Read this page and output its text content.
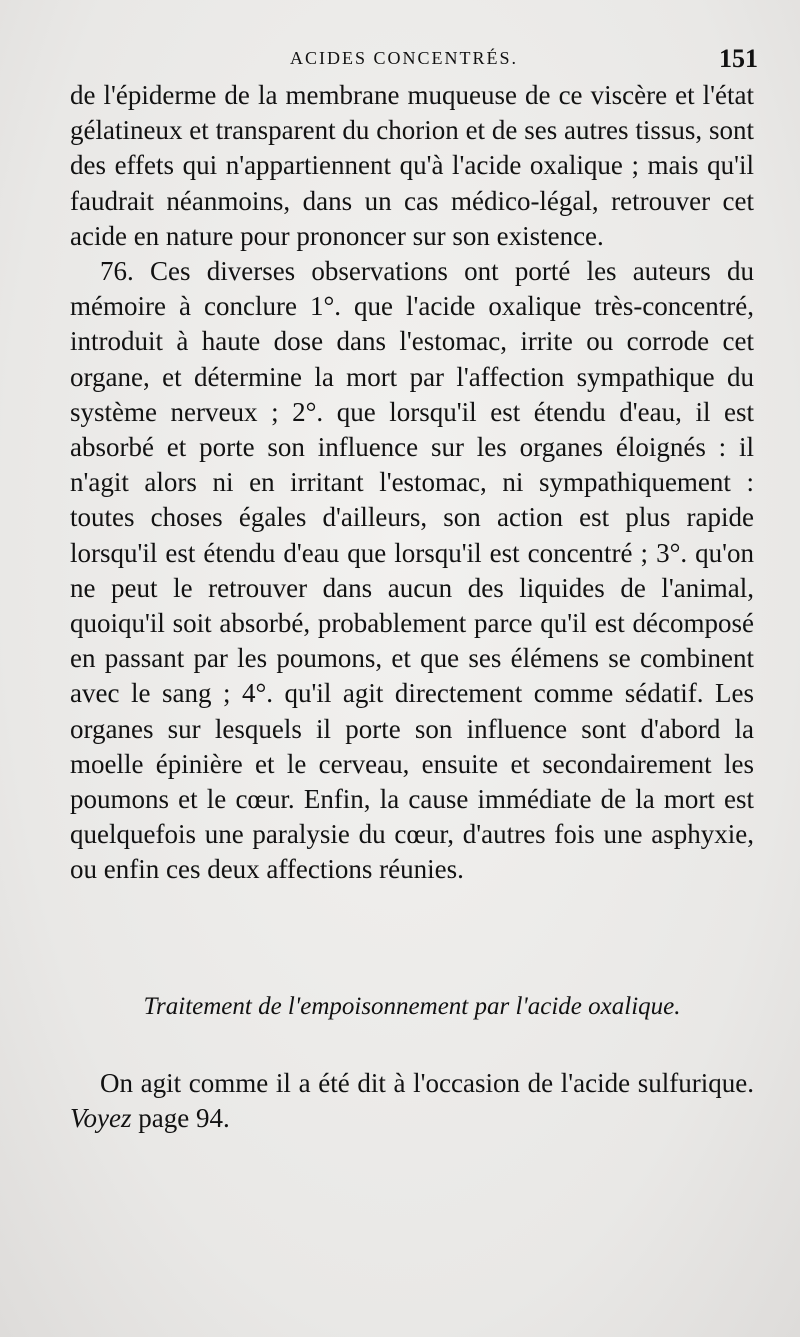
ACIDES CONCENTRÉS.	151

de l'épiderme de la membrane muqueuse de ce viscère et l'état gélatineux et transparent du chorion et de ses autres tissus, sont des effets qui n'appartiennent qu'à l'acide oxalique ; mais qu'il faudrait néanmoins, dans un cas médico-légal, retrouver cet acide en nature pour prononcer sur son existence.

76. Ces diverses observations ont porté les auteurs du mémoire à conclure 1°. que l'acide oxalique très-concentré, introduit à haute dose dans l'estomac, irrite ou corrode cet organe, et détermine la mort par l'affection sympathique du système nerveux ; 2°. que lorsqu'il est étendu d'eau, il est absorbé et porte son influence sur les organes éloignés : il n'agit alors ni en irritant l'estomac, ni sympathiquement : toutes choses égales d'ailleurs, son action est plus rapide lorsqu'il est étendu d'eau que lorsqu'il est concentré ; 3°. qu'on ne peut le retrouver dans aucun des liquides de l'animal, quoiqu'il soit absorbé, probablement parce qu'il est décomposé en passant par les poumons, et que ses élémens se combinent avec le sang ; 4°. qu'il agit directement comme sédatif. Les organes sur lesquels il porte son influence sont d'abord la moelle épinière et le cerveau, ensuite et secondairement les poumons et le cœur. Enfin, la cause immédiate de la mort est quelquefois une paralysie du cœur, d'autres fois une asphyxie, ou enfin ces deux affections réunies.

Traitement de l'empoisonnement par l'acide oxalique.

On agit comme il a été dit à l'occasion de l'acide sulfurique. Voyez page 94.
